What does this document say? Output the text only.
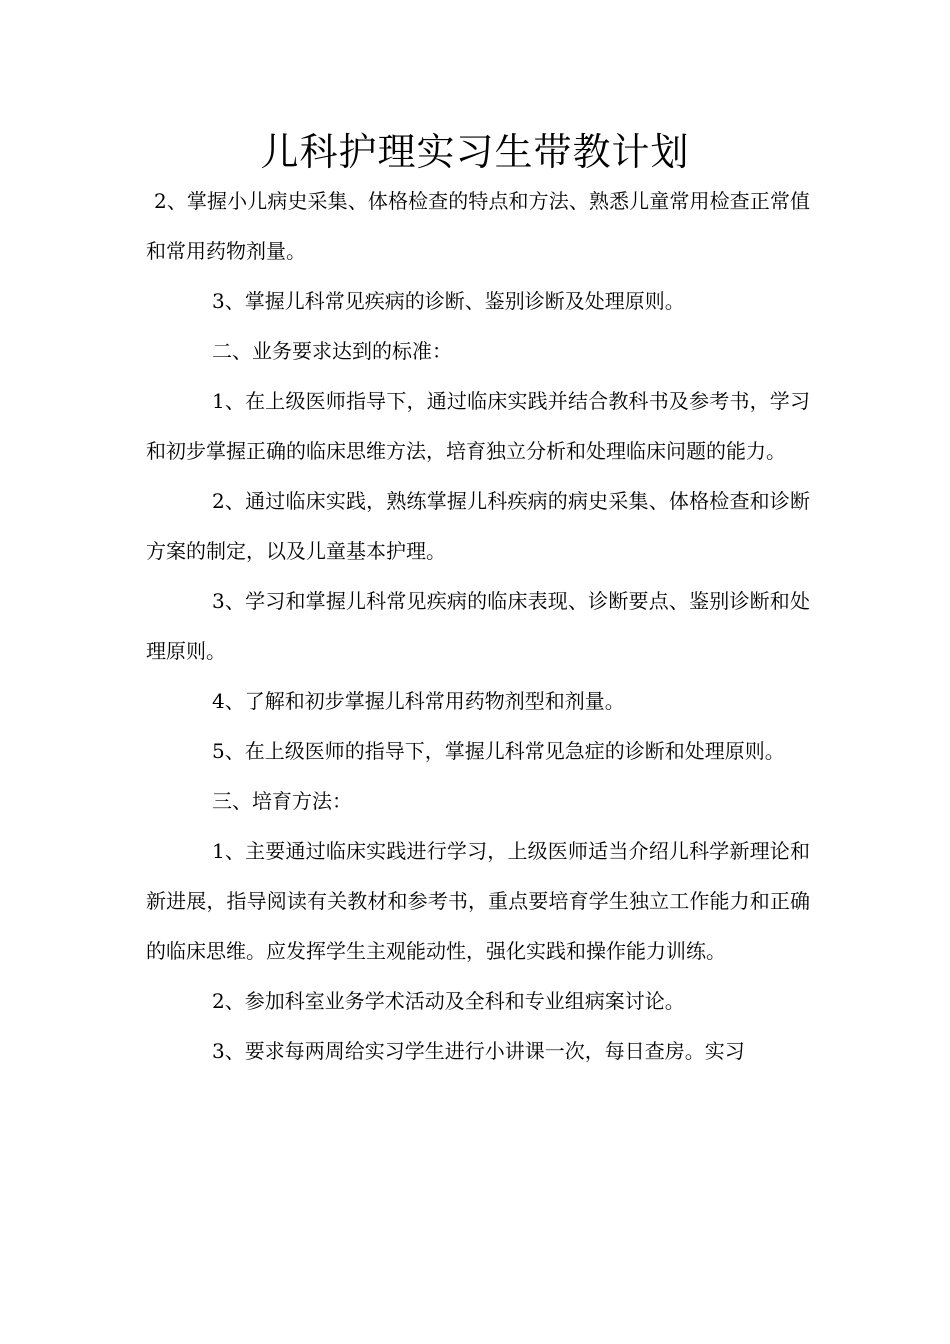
儿科护理实习生带教计划

2、掌握小儿病史采集、体格检查的特点和方法、熟悉儿童常用检查正常值和常用药物剂量。

3、掌握儿科常见疾病的诊断、鉴别诊断及处理原则。

二、业务要求达到的标准：

1、在上级医师指导下，通过临床实践并结合教科书及参考书，学习和初步掌握正确的临床思维方法，培育独立分析和处理临床问题的能力。

2、通过临床实践，熟练掌握儿科疾病的病史采集、体格检查和诊断方案的制定，以及儿童基本护理。

3、学习和掌握儿科常见疾病的临床表现、诊断要点、鉴别诊断和处理原则。

4、了解和初步掌握儿科常用药物剂型和剂量。

5、在上级医师的指导下，掌握儿科常见急症的诊断和处理原则。

三、培育方法：

1、主要通过临床实践进行学习，上级医师适当介绍儿科学新理论和新进展，指导阅读有关教材和参考书，重点要培育学生独立工作能力和正确的临床思维。应发挥学生主观能动性，强化实践和操作能力训练。

2、参加科室业务学术活动及全科和专业组病案讨论。

3、要求每两周给实习学生进行小讲课一次，每日查房。实习
